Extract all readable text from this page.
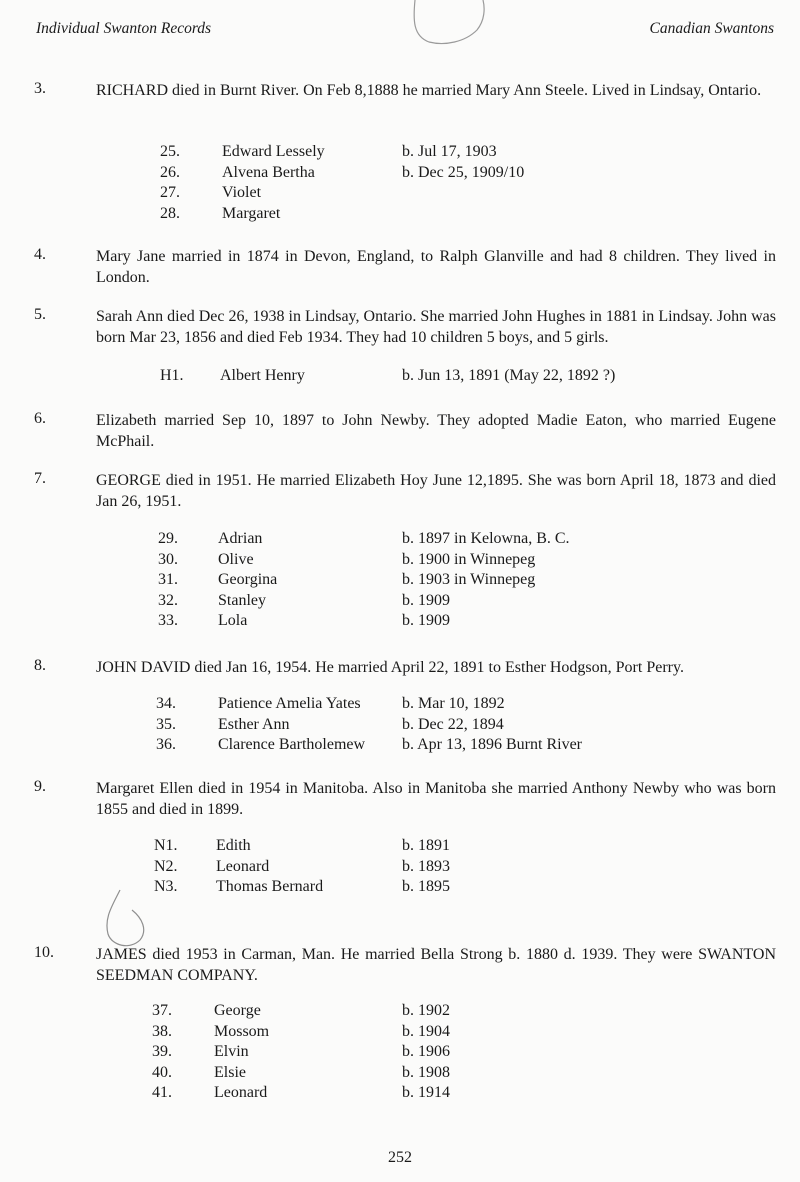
Individual Swanton Records	Canadian Swantons
3.	RICHARD died in Burnt River. On Feb 8,1888 he married Mary Ann Steele. Lived in Lindsay, Ontario.
25.	Edward Lessely	b. Jul 17, 1903
26.	Alvena Bertha	b. Dec 25, 1909/10
27.	Violet
28.	Margaret
4.	Mary Jane married in 1874 in Devon, England, to Ralph Glanville and had 8 children. They lived in London.
5.	Sarah Ann died Dec 26, 1938 in Lindsay, Ontario. She married John Hughes in 1881 in Lindsay. John was born Mar 23, 1856 and died Feb 1934. They had 10 children 5 boys, and 5 girls.
H1. Albert Henry	b. Jun 13, 1891 (May 22, 1892 ?)
6.	Elizabeth married Sep 10, 1897 to John Newby. They adopted Madie Eaton, who married Eugene McPhail.
7.	GEORGE died in 1951. He married Elizabeth Hoy June 12,1895. She was born April 18, 1873 and died Jan 26, 1951.
29.	Adrian	b. 1897 in Kelowna, B. C.
30.	Olive	b. 1900 in Winnepeg
31.	Georgina	b. 1903 in Winnepeg
32.	Stanley	b. 1909
33.	Lola	b. 1909
8.	JOHN DAVID died Jan 16, 1954. He married April 22, 1891 to Esther Hodgson, Port Perry.
34.	Patience Amelia Yates	b. Mar 10, 1892
35.	Esther Ann	b. Dec 22, 1894
36.	Clarence Bartholemew b. Apr 13, 1896 Burnt River
9.	Margaret Ellen died in 1954 in Manitoba. Also in Manitoba she married Anthony Newby who was born 1855 and died in 1899.
N1. Edith	b. 1891
N2. Leonard	b. 1893
N3. Thomas Bernard	b. 1895
10.	JAMES died 1953 in Carman, Man. He married Bella Strong b. 1880 d. 1939. They were SWANTON SEEDMAN COMPANY.
37.	George	b. 1902
38.	Mossom	b. 1904
39.	Elvin	b. 1906
40.	Elsie	b. 1908
41.	Leonard	b. 1914
252
